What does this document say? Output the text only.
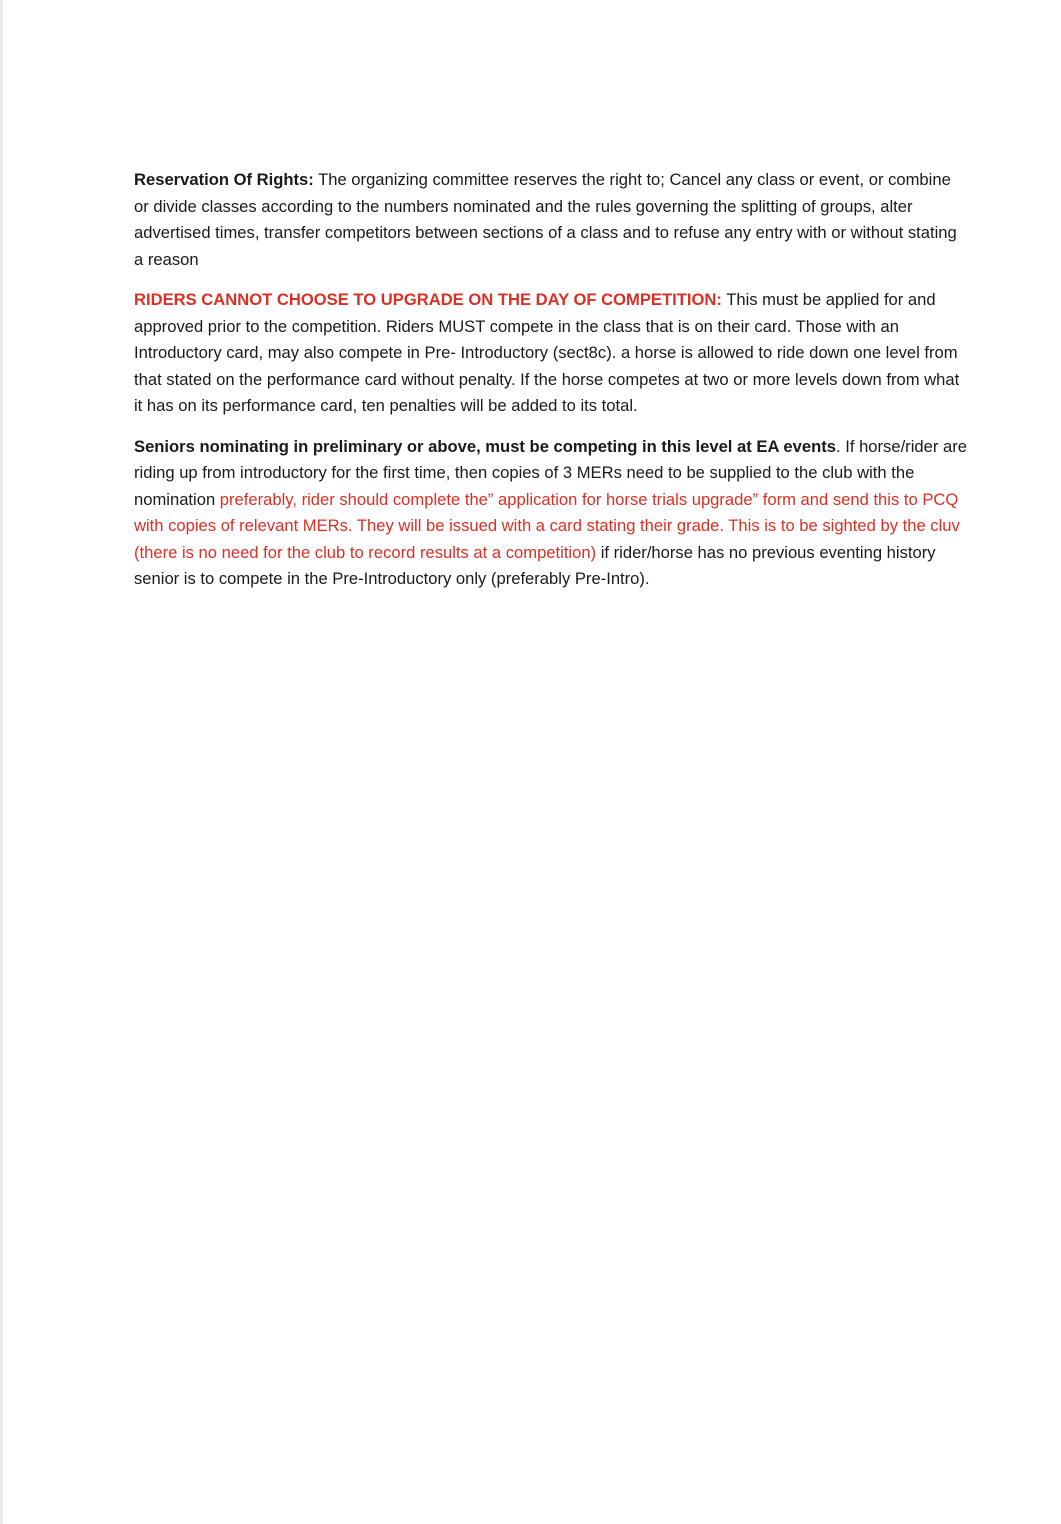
Reservation Of Rights: The organizing committee reserves the right to; Cancel any class or event, or combine or divide classes according to the numbers nominated and the rules governing the splitting of groups, alter advertised times, transfer competitors between sections of a class and to refuse any entry with or without stating a reason

RIDERS CANNOT CHOOSE TO UPGRADE ON THE DAY OF COMPETITION: This must be applied for and approved prior to the competition. Riders MUST compete in the class that is on their card. Those with an Introductory card, may also compete in Pre- Introductory (sect8c). a horse is allowed to ride down one level from that stated on the performance card without penalty. If the horse competes at two or more levels down from what it has on its performance card, ten penalties will be added to its total.

Seniors nominating in preliminary or above, must be competing in this level at EA events. If horse/rider are riding up from introductory for the first time, then copies of 3 MERs need to be supplied to the club with the nomination preferably, rider should complete the” application for horse trials upgrade” form and send this to PCQ with copies of relevant MERs. They will be issued with a card stating their grade. This is to be sighted by the cluv (there is no need for the club to record results at a competition) if rider/horse has no previous eventing history senior is to compete in the Pre-Introductory only (preferably Pre-Intro).
